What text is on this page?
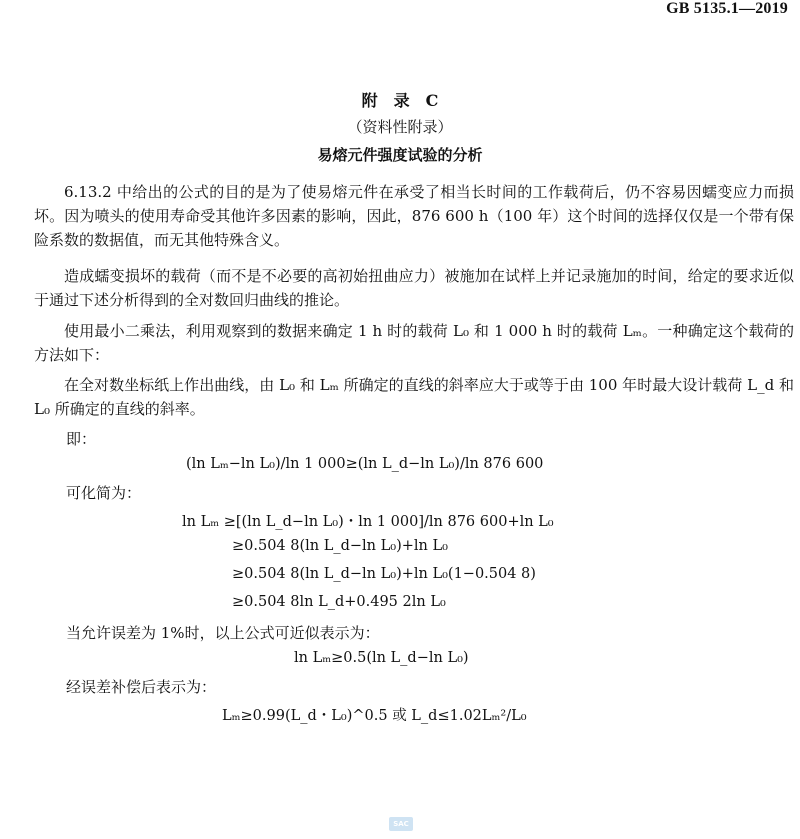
GB 5135.1—2019
附 录 C
（资料性附录）
易熔元件强度试验的分析
6.13.2 中给出的公式的目的是为了使易熔元件在承受了相当长时间的工作载荷后，仍不容易因蠕变应力而损坏。因为喷头的使用寿命受其他许多因素的影响，因此，876 600 h（100 年）这个时间的选择仅仅是一个带有保险系数的数据值，而无其他特殊含义。
造成蠕变损坏的载荷（而不是不必要的高初始扭曲应力）被施加在试样上并记录施加的时间，给定的要求近似于通过下述分析得到的全对数回归曲线的推论。
使用最小二乘法，利用观察到的数据来确定 1 h 时的载荷 L₀ 和 1 000 h 时的载荷 Lₘ。一种确定这个载荷的方法如下：
在全对数坐标纸上作出曲线，由 L₀ 和 Lₘ 所确定的直线的斜率应大于或等于由 100 年时最大设计载荷 L_d 和 L₀ 所确定的直线的斜率。
即：
(ln Lₘ−ln L₀)/ln 1 000≥(ln L_d−ln L₀)/ln 876 600
可化简为：
ln Lₘ ≥[(ln L_d−ln L₀)・ln 1 000]/ln 876 600+ln L₀
≥0.504 8(ln L_d−ln L₀)+ln L₀
≥0.504 8(ln L_d−ln L₀)+ln L₀(1−0.504 8)
≥0.504 8ln L_d+0.495 2ln L₀
当允许误差为 1%时，以上公式可近似表示为：
ln Lₘ≥0.5(ln L_d−ln L₀)
经误差补偿后表示为：
Lₘ≥0.99(L_d・L₀)^0.5 或 L_d≤1.02Lₘ²/L₀
SAC
